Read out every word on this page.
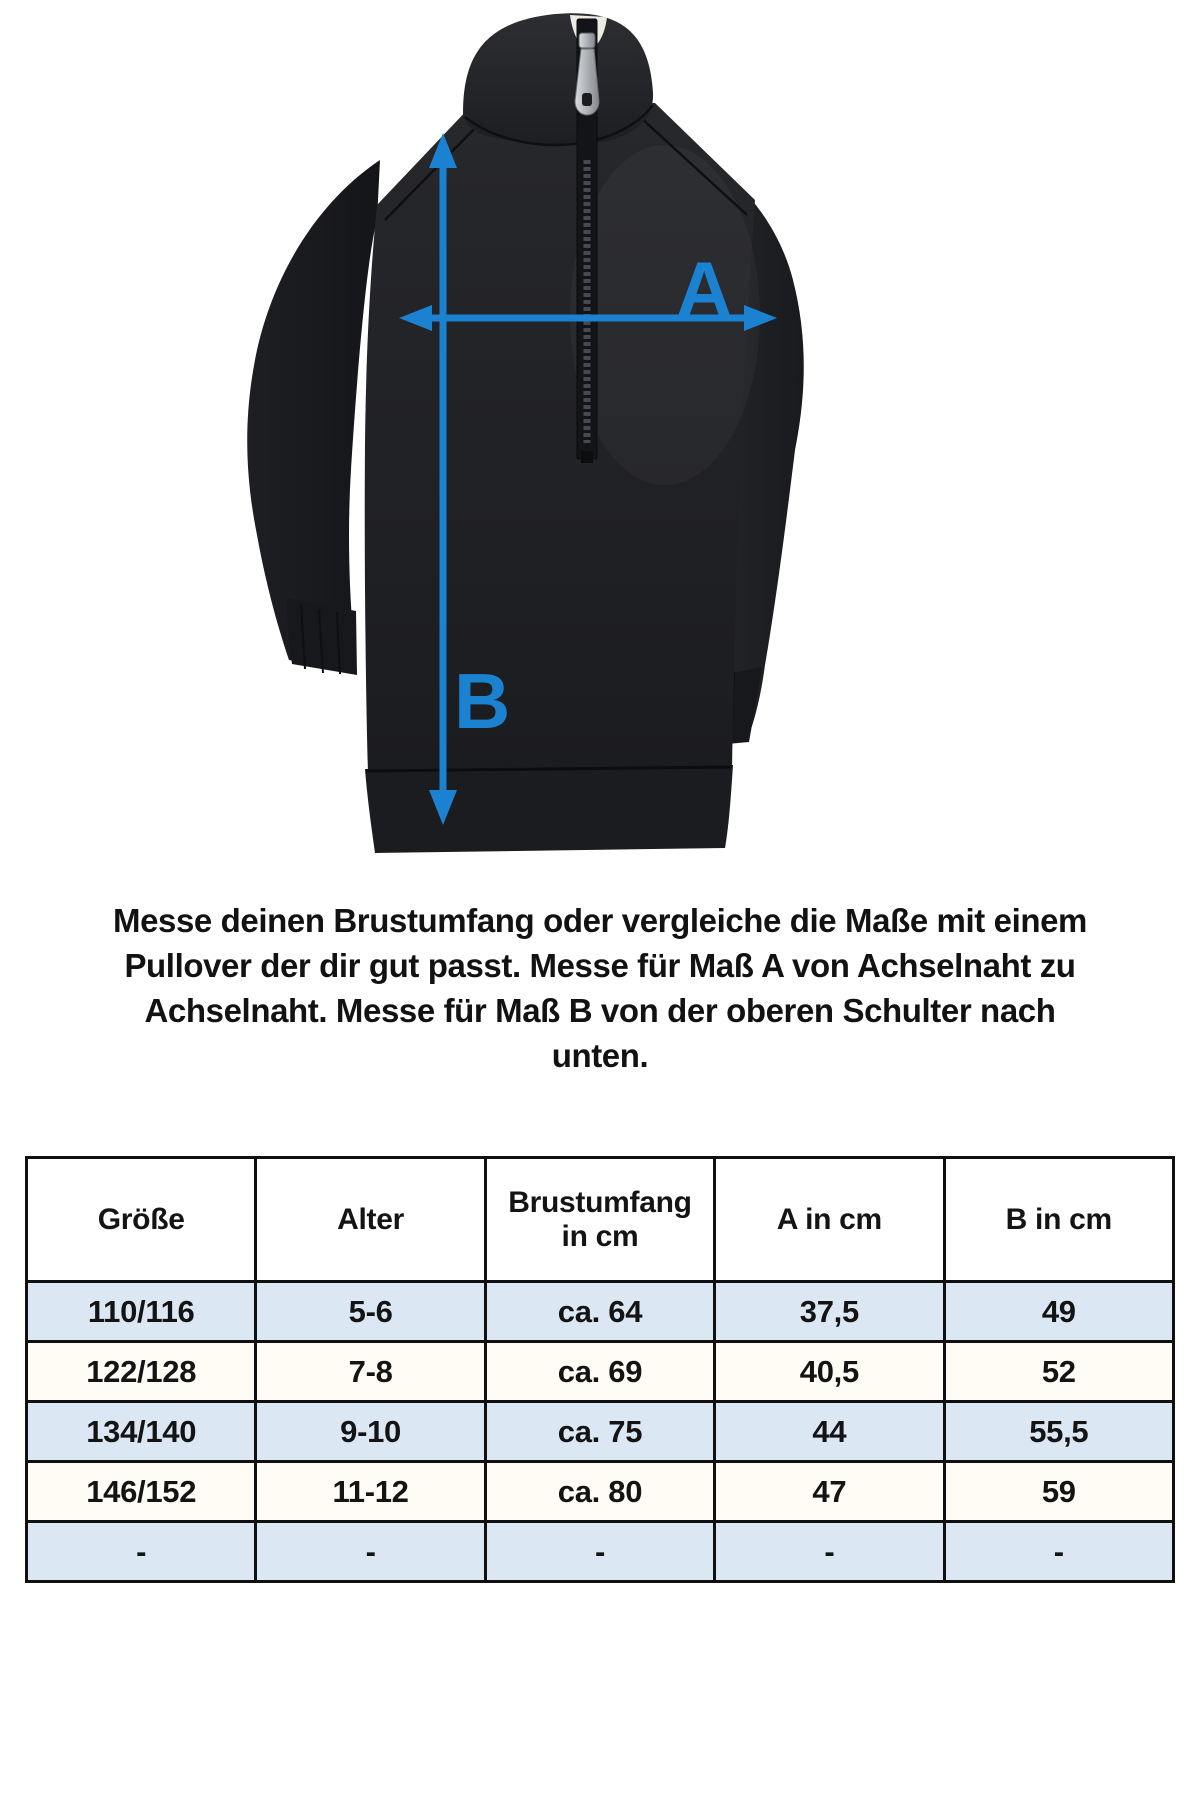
A
B
Messe deinen Brustumfang oder vergleiche die Maße mit einem
Pullover der dir gut passt. Messe für Maß A von Achselnaht zu
Achselnaht. Messe für Maß B von der oberen Schulter nach
unten.
Größe	Alter	Brustumfang in cm	A in cm	B in cm
110/116	5-6	ca. 64	37,5	49
122/128	7-8	ca. 69	40,5	52
134/140	9-10	ca. 75	44	55,5
146/152	11-12	ca. 80	47	59
-	-	-	-	-
